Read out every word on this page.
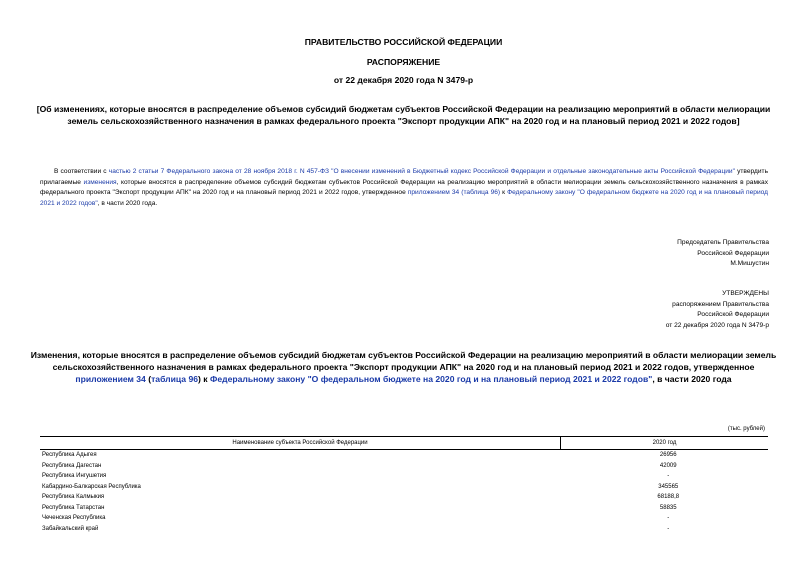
ПРАВИТЕЛЬСТВО РОССИЙСКОЙ ФЕДЕРАЦИИ
РАСПОРЯЖЕНИЕ
от 22 декабря 2020 года N 3479-р
[Об изменениях, которые вносятся в распределение объемов субсидий бюджетам субъектов Российской Федерации на реализацию мероприятий в области мелиорации земель сельскохозяйственного назначения в рамках федерального проекта "Экспорт продукции АПК" на 2020 год и на плановый период 2021 и 2022 годов]

В соответствии с частью 2 статьи 7 Федерального закона от 28 ноября 2018 г. N 457-ФЗ "О внесении изменений в Бюджетный кодекс Российской Федерации и отдельные законодательные акты Российской Федерации" утвердить прилагаемые изменения, которые вносятся в распределение объемов субсидий бюджетам субъектов Российской Федерации на реализацию мероприятий в области мелиорации земель сельскохозяйственного назначения в рамках федерального проекта "Экспорт продукции АПК" на 2020 год и на плановый период 2021 и 2022 годов, утвержденное приложением 34 (таблица 96) к Федеральному закону "О федеральном бюджете на 2020 год и на плановый период 2021 и 2022 годов", в части 2020 года.

Председатель Правительства
Российской Федерации
М.Мишустин
УТВЕРЖДЕНЫ
распоряжением Правительства
Российской Федерации
от 22 декабря 2020 года N 3479-р
Изменения, которые вносятся в распределение объемов субсидий бюджетам субъектов Российской Федерации на реализацию мероприятий в области мелиорации земель сельскохозяйственного назначения в рамках федерального проекта "Экспорт продукции АПК" на 2020 год и на плановый период 2021 и 2022 годов, утвержденное приложением 34 (таблица 96) к Федеральному закону "О федеральном бюджете на 2020 год и на плановый период 2021 и 2022 годов", в части 2020 года
(тыс. рублей)
Наименование субъекта Российской Федерации	2020 год
Республика Адыгея	26956
Республика Дагестан	42009
Республика Ингушетия	-
Кабардино-Балкарская Республика	345565
Республика Калмыкия	68188,8
Республика Татарстан	58835
Чеченская Республика	-
Забайкальский край	-
